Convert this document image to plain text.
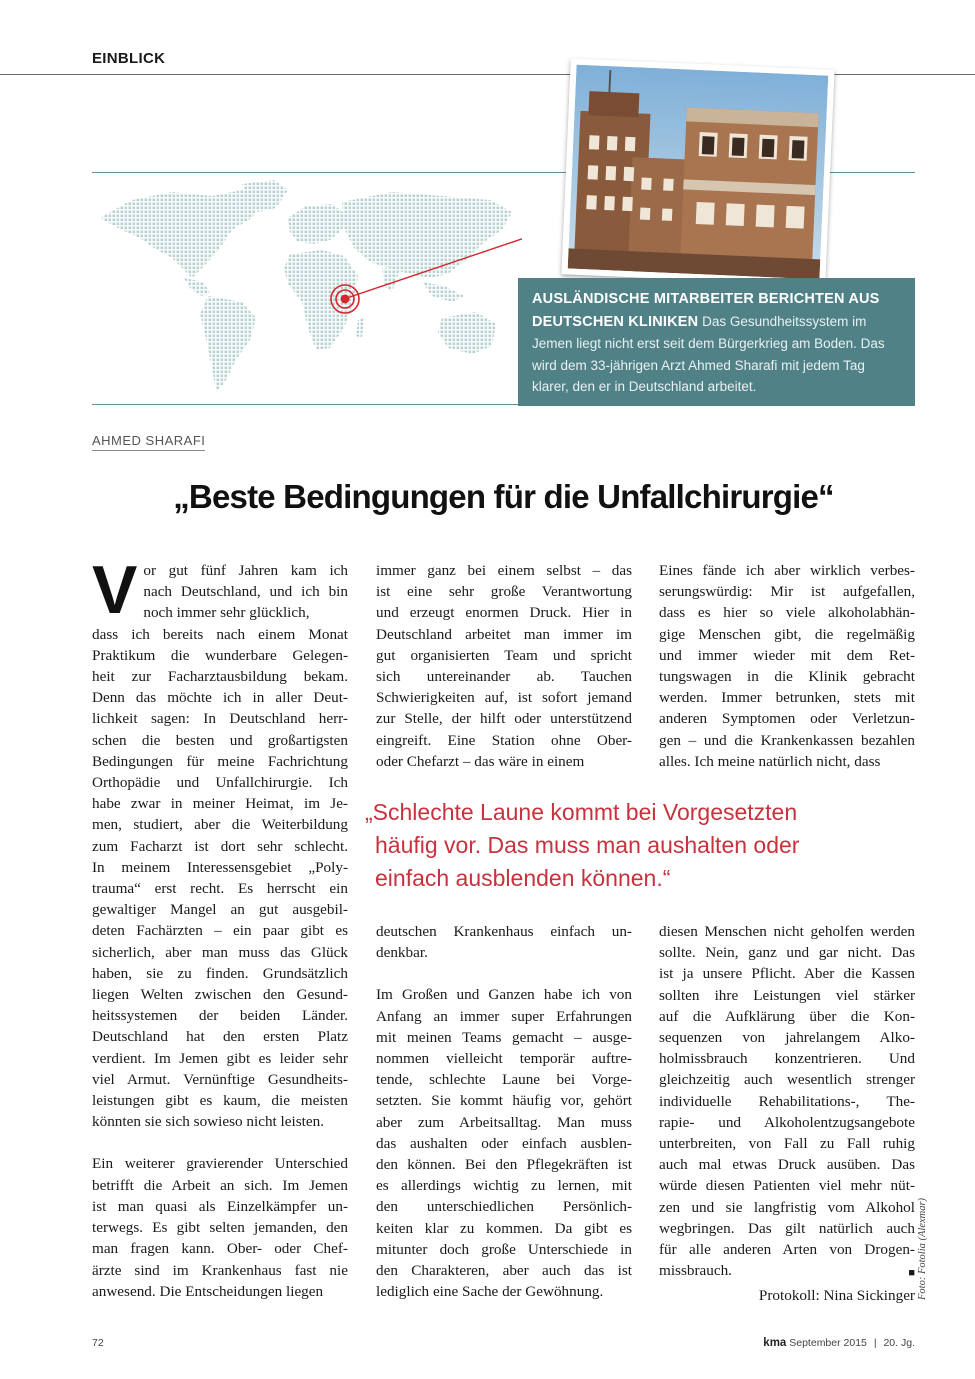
EINBLICK
AUSLÄNDISCHE MITARBEITER BERICHTEN AUS DEUTSCHEN KLINIKEN Das Gesundheitssystem im
Jemen liegt nicht erst seit dem Bürgerkrieg am Boden. Das
wird dem 33-jährigen Arzt Ahmed Sharafi mit jedem Tag
klarer, den er in Deutschland arbeitet.
AHMED SHARAFI
„Beste Bedingungen für die Unfallchirurgie“
V or gut fünf Jahren kam ich
nach Deutschland, und ich bin
noch immer sehr glücklich,
dass ich bereits nach einem Monat
Praktikum die wunderbare Gelegen-
heit zur Facharztausbildung bekam.
Denn das möchte ich in aller Deut-
lichkeit sagen: In Deutschland herr-
schen die besten und großartigsten
Bedingungen für meine Fachrichtung
Orthopädie und Unfallchirurgie. Ich
habe zwar in meiner Heimat, im Je-
men, studiert, aber die Weiterbildung
zum Facharzt ist dort sehr schlecht.
In meinem Interessensgebiet „Poly-
trauma“ erst recht. Es herrscht ein
gewaltiger Mangel an gut ausgebil-
deten Fachärzten – ein paar gibt es
sicherlich, aber man muss das Glück
haben, sie zu finden. Grundsätzlich
liegen Welten zwischen den Gesund-
heitssystemen der beiden Länder.
Deutschland hat den ersten Platz
verdient. Im Jemen gibt es leider sehr
viel Armut. Vernünftige Gesundheits-
leistungen gibt es kaum, die meisten
könnten sie sich sowieso nicht leisten.
Ein weiterer gravierender Unterschied
betrifft die Arbeit an sich. Im Jemen
ist man quasi als Einzelkämpfer un-
terwegs. Es gibt selten jemanden, den
man fragen kann. Ober- oder Chef-
ärzte sind im Krankenhaus fast nie
anwesend. Die Entscheidungen liegen
immer ganz bei einem selbst – das
ist eine sehr große Verantwortung
und erzeugt enormen Druck. Hier in
Deutschland arbeitet man immer im
gut organisierten Team und spricht
sich untereinander ab. Tauchen
Schwierigkeiten auf, ist sofort jemand
zur Stelle, der hilft oder unterstützend
eingreift. Eine Station ohne Ober-
oder Chefarzt – das wäre in einem
Eines fände ich aber wirklich verbes-
serungswürdig: Mir ist aufgefallen,
dass es hier so viele alkoholabhän-
gige Menschen gibt, die regelmäßig
und immer wieder mit dem Ret-
tungswagen in die Klinik gebracht
werden. Immer betrunken, stets mit
anderen Symptomen oder Verletzun-
gen – und die Krankenkassen bezahlen
alles. Ich meine natürlich nicht, dass
„Schlechte Laune kommt bei Vorgesetzten
häufig vor. Das muss man aushalten oder
einfach ausblenden können.“
deutschen Krankenhaus einfach un-
denkbar.
Im Großen und Ganzen habe ich von
Anfang an immer super Erfahrungen
mit meinen Teams gemacht – ausge-
nommen vielleicht temporär auftre-
tende, schlechte Laune bei Vorge-
setzten. Sie kommt häufig vor, gehört
aber zum Arbeitsalltag. Man muss
das aushalten oder einfach ausblen-
den können. Bei den Pflegekräften ist
es allerdings wichtig zu lernen, mit
den unterschiedlichen Persönlich-
keiten klar zu kommen. Da gibt es
mitunter doch große Unterschiede in
den Charakteren, aber auch das ist
lediglich eine Sache der Gewöhnung.
diesen Menschen nicht geholfen werden
sollte. Nein, ganz und gar nicht. Das
ist ja unsere Pflicht. Aber die Kassen
sollten ihre Leistungen viel stärker
auf die Aufklärung über die Kon-
sequenzen von jahrelangem Alko-
holmissbrauch konzentrieren. Und
gleichzeitig auch wesentlich strenger
individuelle Rehabilitations-, The-
rapie- und Alkoholentzugsangebote
unterbreiten, von Fall zu Fall ruhig
auch mal etwas Druck ausüben. Das
würde diesen Patienten viel mehr nüt-
zen und sie langfristig vom Alkohol
wegbringen. Das gilt natürlich auch
für alle anderen Arten von Drogen-
missbrauch.	■
Protokoll: Nina Sickinger Foto: Fotolia (Alexmar)
72	kma September 2015 | 20. Jg.
